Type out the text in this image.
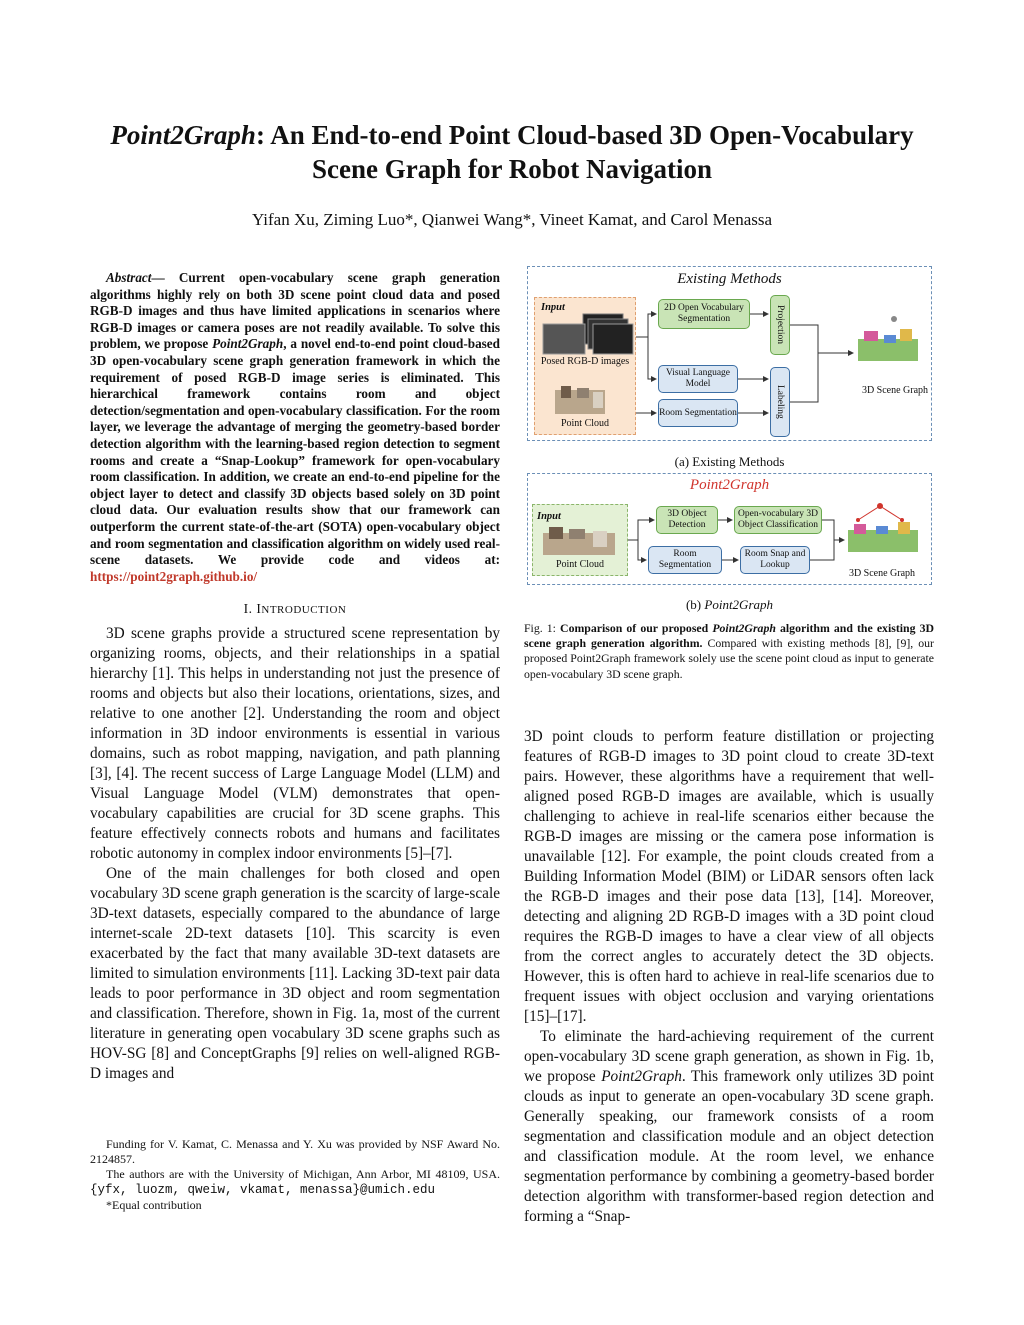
Point2Graph: An End-to-end Point Cloud-based 3D Open-Vocabulary
Scene Graph for Robot Navigation
Yifan Xu, Ziming Luo*, Qianwei Wang*, Vineet Kamat, and Carol Menassa
Abstract— Current open-vocabulary scene graph generation algorithms highly rely on both 3D scene point cloud data and posed RGB-D images and thus have limited applications in scenarios where RGB-D images or camera poses are not readily available. To solve this problem, we propose Point2Graph, a novel end-to-end point cloud-based 3D open-vocabulary scene graph generation framework in which the requirement of posed RGB-D image series is eliminated. This hierarchical framework contains room and object detection/segmentation and open-vocabulary classification. For the room layer, we leverage the advantage of merging the geometry-based border detection algorithm with the learning-based region detection to segment rooms and create a “Snap-Lookup” framework for open-vocabulary room classification. In addition, we create an end-to-end pipeline for the object layer to detect and classify 3D objects based solely on 3D point cloud data. Our evaluation results show that our framework can outperform the current state-of-the-art (SOTA) open-vocabulary object and room segmentation and classification algorithm on widely used real-scene datasets. We provide code and videos at: https://point2graph.github.io/
I. INTRODUCTION

3D scene graphs provide a structured scene representation by organizing rooms, objects, and their relationships in a spatial hierarchy [1]. This helps in understanding not just the presence of rooms and objects but also their locations, orientations, sizes, and relative to one another [2]. Understanding the room and object information in 3D indoor environments is essential in various domains, such as robot mapping, navigation, and path planning [3], [4]. The recent success of Large Language Model (LLM) and Visual Language Model (VLM) demonstrates that open-vocabulary capabilities are crucial for 3D scene graphs. This feature effectively connects robots and humans and facilitates robotic autonomy in complex indoor environments [5]–[7].

One of the main challenges for both closed and open vocabulary 3D scene graph generation is the scarcity of large-scale 3D-text datasets, especially compared to the abundance of large internet-scale 2D-text datasets [10]. This scarcity is even exacerbated by the fact that many available 3D-text datasets are limited to simulation environments [11]. Lacking 3D-text pair data leads to poor performance in 3D object and room segmentation and classification. Therefore, shown in Fig. 1a, most of the current literature in generating open vocabulary 3D scene graphs such as HOV-SG [8] and ConceptGraphs [9] relies on well-aligned RGB-D images and

Funding for V. Kamat, C. Menassa and Y. Xu was provided by NSF Award No. 2124857.

The authors are with the University of Michigan, Ann Arbor, MI 48109, USA. {yfx, luozm, qweiw, vkamat, menassa}@umich.edu

*Equal contribution

Existing Methods
Input
Posed RGB-D images
Point Cloud
2D Open Vocabulary Segmentation
Visual Language Model
Room Segmentation
Projection
Labeling	3D Scene Graph
(a) Existing Methods
Point2Graph
Input
Point Cloud
3D Object Detection
Open-vocabulary 3D Object Classification
Room Segmentation
Room Snap and Lookup
3D Scene Graph
(b) Point2Graph
Fig. 1: Comparison of our proposed Point2Graph algorithm and the existing 3D scene graph generation algorithm. Compared with existing methods [8], [9], our proposed Point2Graph framework solely use the scene point cloud as input to generate open-vocabulary 3D scene graph.

3D point clouds to perform feature distillation or projecting features of RGB-D images to 3D point cloud to create 3D-text pairs. However, these algorithms have a requirement that well-aligned posed RGB-D images are available, which is usually challenging to achieve in real-life scenarios either because the RGB-D images are missing or the camera pose information is unavailable [12]. For example, the point clouds created from a Building Information Model (BIM) or LiDAR sensors often lack the RGB-D images and their pose data [13], [14]. Moreover, detecting and aligning 2D RGB-D images with a 3D point cloud requires the RGB-D images to have a clear view of all objects from the correct angles to accurately detect the 3D objects. However, this is often hard to achieve in real-life scenarios due to frequent issues with object occlusion and varying orientations [15]–[17].

To eliminate the hard-achieving requirement of the current open-vocabulary 3D scene graph generation, as shown in Fig. 1b, we propose Point2Graph. This framework only utilizes 3D point clouds as input to generate an open-vocabulary 3D scene graph. Generally speaking, our framework consists of a room segmentation and classification module and an object detection and classification module. At the room level, we enhance segmentation performance by combining a geometry-based border detection algorithm with transformer-based region detection and forming a “Snap-
